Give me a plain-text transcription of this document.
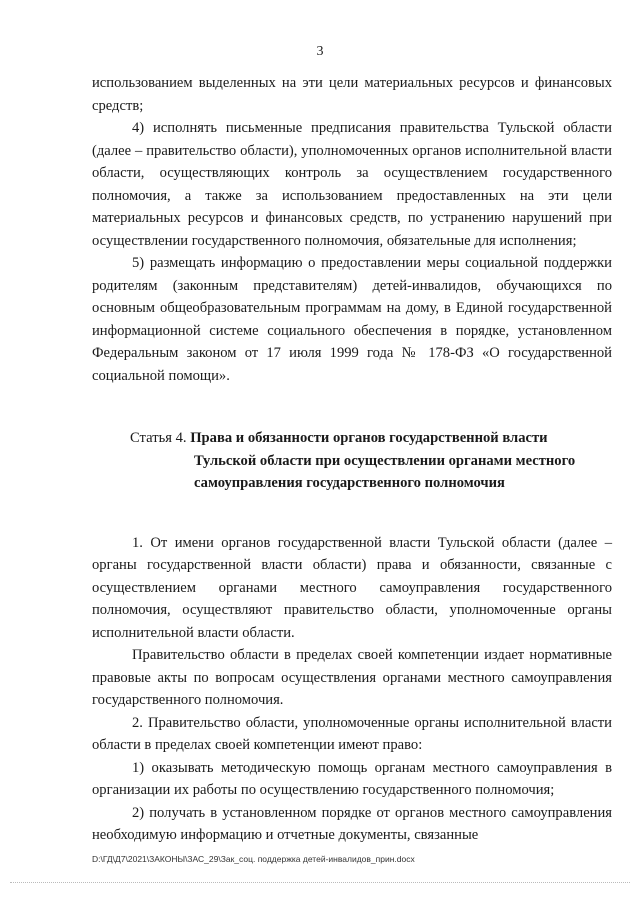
3

использованием выделенных на эти цели материальных ресурсов и финансовых средств;

4) исполнять письменные предписания правительства Тульской области (далее – правительство области), уполномоченных органов исполнительной власти области, осуществляющих контроль за осуществлением государственного полномочия, а также за использованием предоставленных на эти цели материальных ресурсов и финансовых средств, по устранению нарушений при осуществлении государственного полномочия, обязательные для исполнения;

5) размещать информацию о предоставлении меры социальной поддержки родителям (законным представителям) детей-инвалидов, обучающихся по основным общеобразовательным программам на дому, в Единой государственной информационной системе социального обеспечения в порядке, установленном Федеральным законом от 17 июля 1999 года № 178-ФЗ «О государственной социальной помощи».

Статья 4. Права и обязанности органов государственной власти
Тульской области при осуществлении органами местного
самоуправления государственного полномочия

1. От имени органов государственной власти Тульской области (далее – органы государственной власти области) права и обязанности, связанные с осуществлением органами местного самоуправления государственного полномочия, осуществляют правительство области, уполномоченные органы исполнительной власти области.

Правительство области в пределах своей компетенции издает нормативные правовые акты по вопросам осуществления органами местного самоуправления государственного полномочия.

2. Правительство области, уполномоченные органы исполнительной власти области в пределах своей компетенции имеют право:

1) оказывать методическую помощь органам местного самоуправления в организации их работы по осуществлению государственного полномочия;

2) получать в установленном порядке от органов местного самоуправления необходимую информацию и отчетные документы, связанные

D:\ГД\Д7\2021\ЗАКОНЫ\ЗАС_29\Зак_соц. поддержка детей-инвалидов_прин.docx
